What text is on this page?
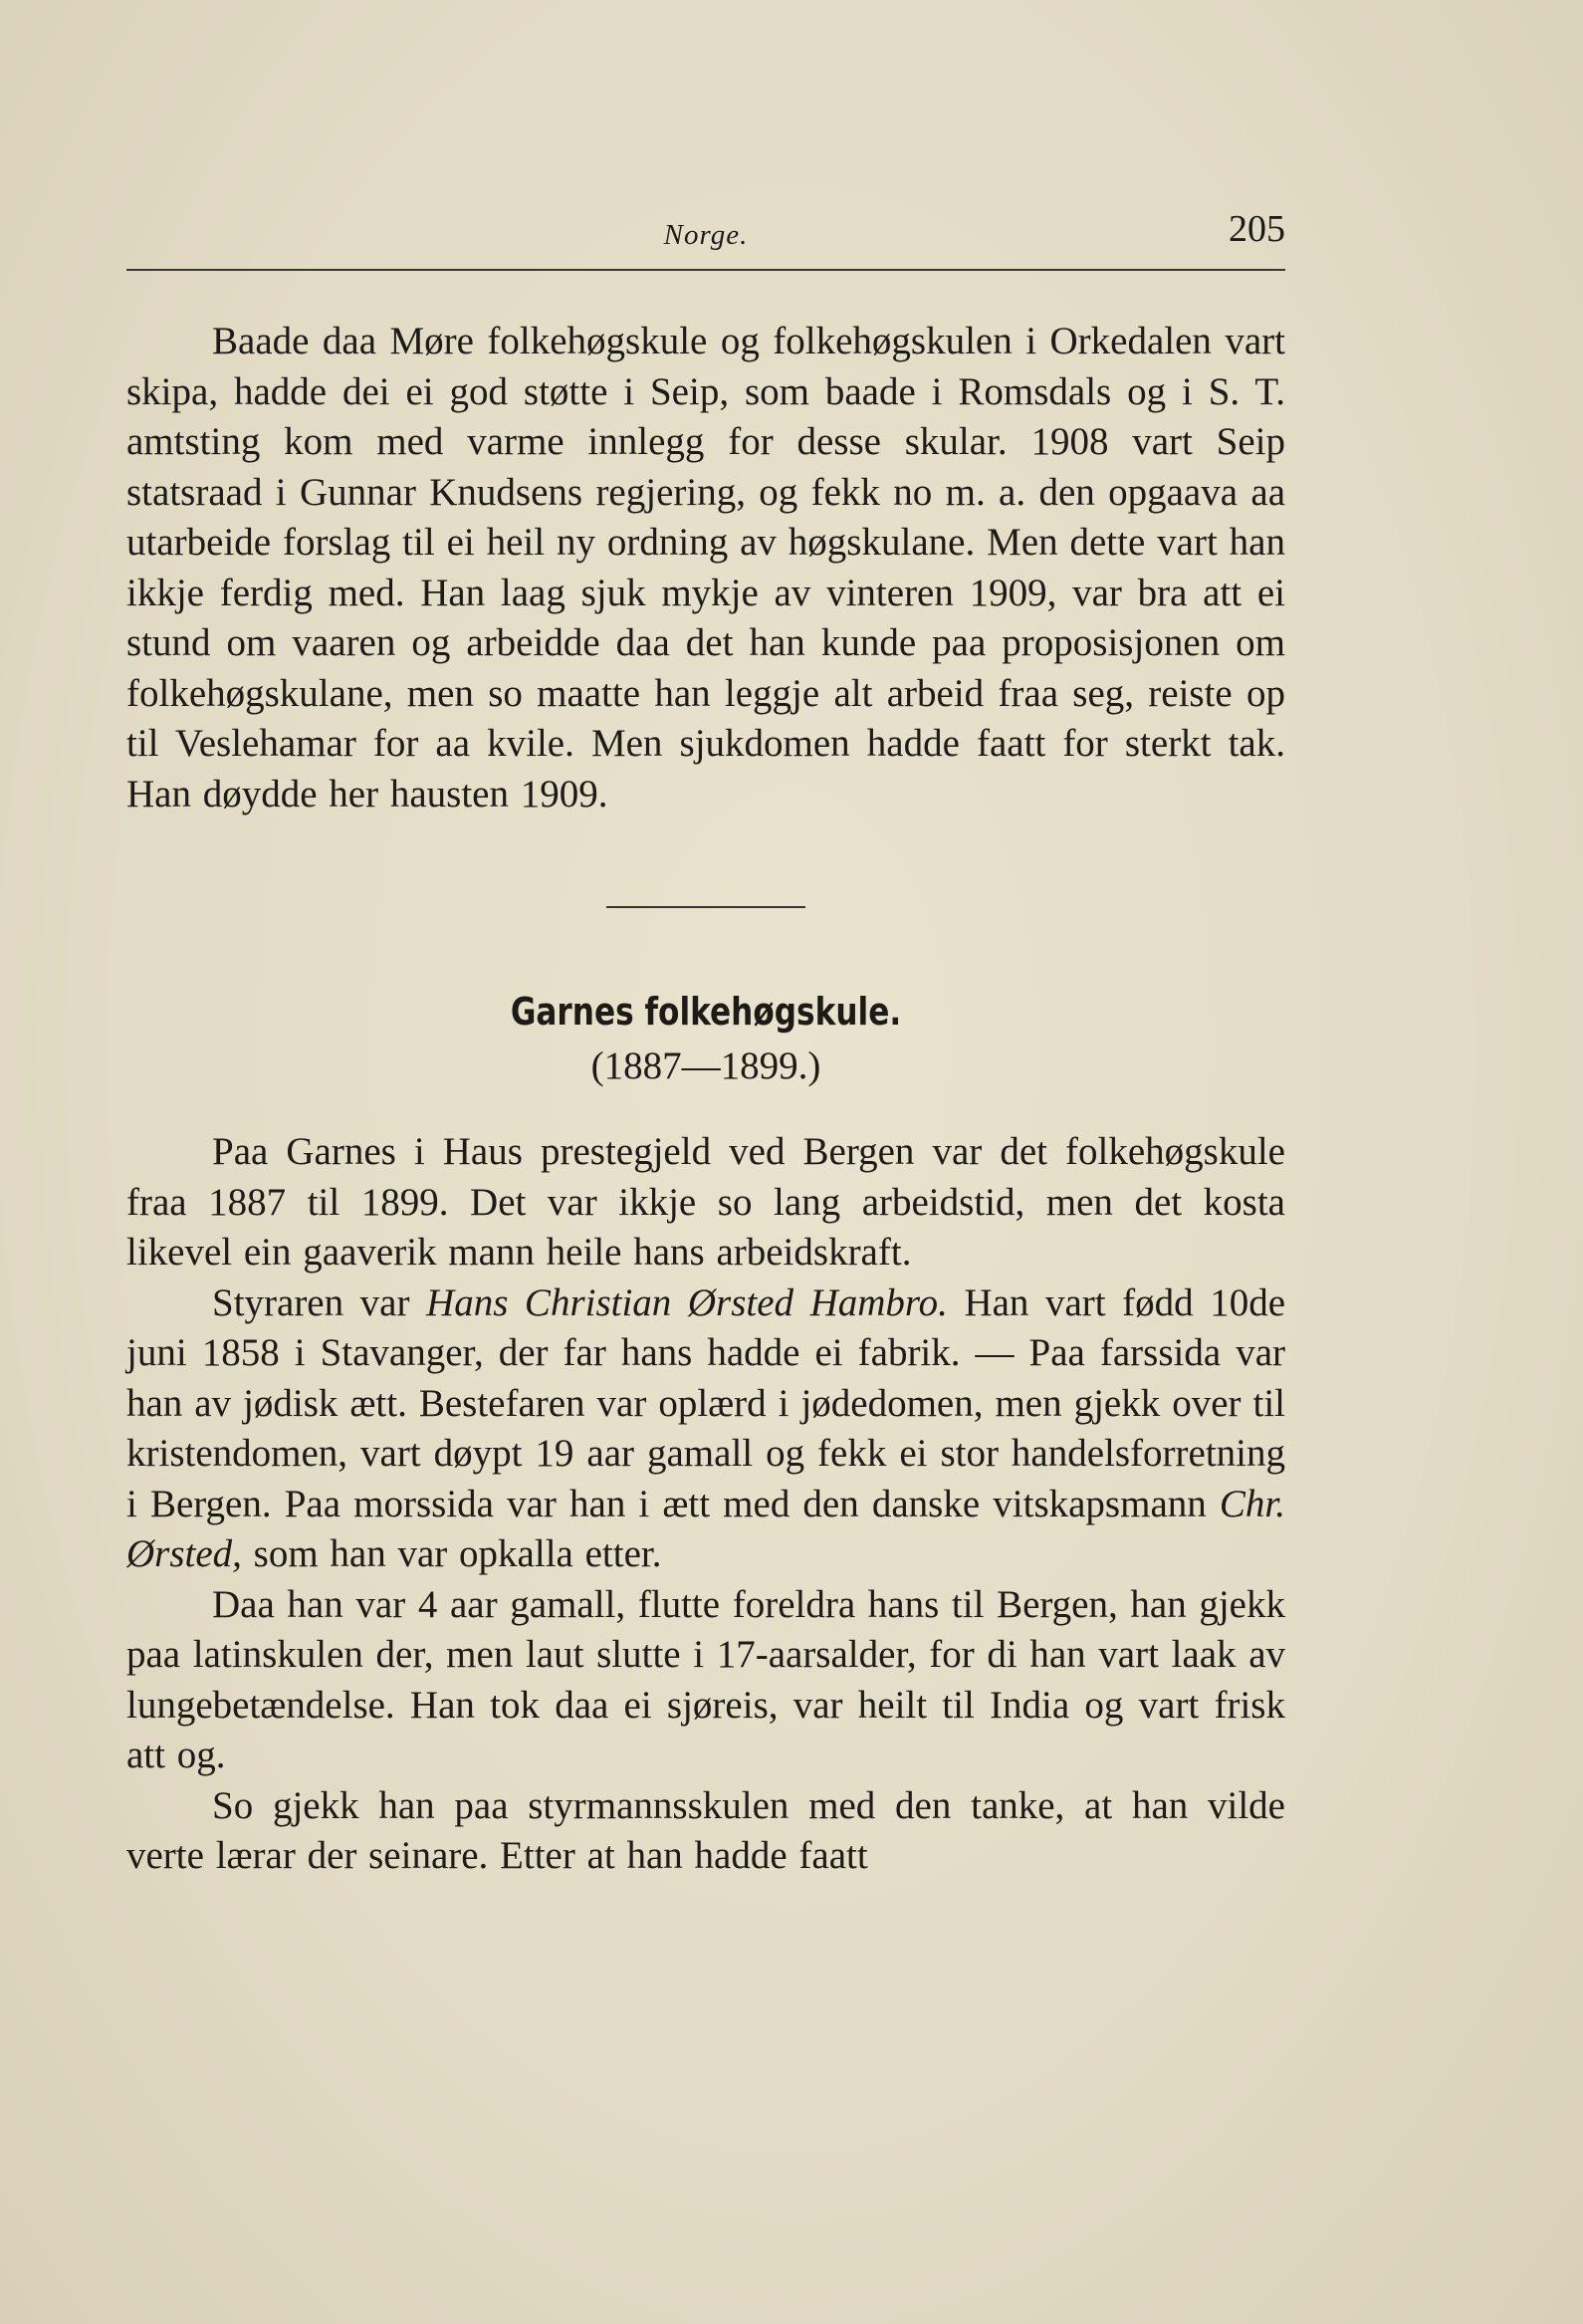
Norge.	205

Baade daa Møre folkehøgskule og folkehøgskulen i Orkedalen vart skipa, hadde dei ei god støtte i Seip, som baade i Romsdals og i S. T. amtsting kom med varme innlegg for desse skular. 1908 vart Seip statsraad i Gunnar Knudsens regjering, og fekk no m. a. den opgaava aa utarbeide forslag til ei heil ny ordning av høgskulane. Men dette vart han ikkje ferdig med. Han laag sjuk mykje av vinteren 1909, var bra att ei stund om vaaren og arbeidde daa det han kunde paa proposisjonen om folkehøgskulane, men so maatte han leggje alt arbeid fraa seg, reiste op til Veslehamar for aa kvile. Men sjukdomen hadde faatt for sterkt tak. Han døydde her hausten 1909.

Garnes folkehøgskule.
(1887—1899.)

Paa Garnes i Haus prestegjeld ved Bergen var det folkehøgskule fraa 1887 til 1899. Det var ikkje so lang arbeidstid, men det kosta likevel ein gaaverik mann heile hans arbeidskraft.

Styraren var Hans Christian Ørsted Hambro. Han vart fødd 10de juni 1858 i Stavanger, der far hans hadde ei fabrik. — Paa farssida var han av jødisk ætt. Bestefaren var oplærd i jødedomen, men gjekk over til kristendomen, vart døypt 19 aar gamall og fekk ei stor handelsforretning i Bergen. Paa morssida var han i ætt med den danske vitskapsmann Chr. Ørsted, som han var opkalla etter.

Daa han var 4 aar gamall, flutte foreldra hans til Bergen, han gjekk paa latinskulen der, men laut slutte i 17-aarsalder, for di han vart laak av lungebetændelse. Han tok daa ei sjøreis, var heilt til India og vart frisk att og.

So gjekk han paa styrmannsskulen med den tanke, at han vilde verte lærar der seinare. Etter at han hadde faatt
